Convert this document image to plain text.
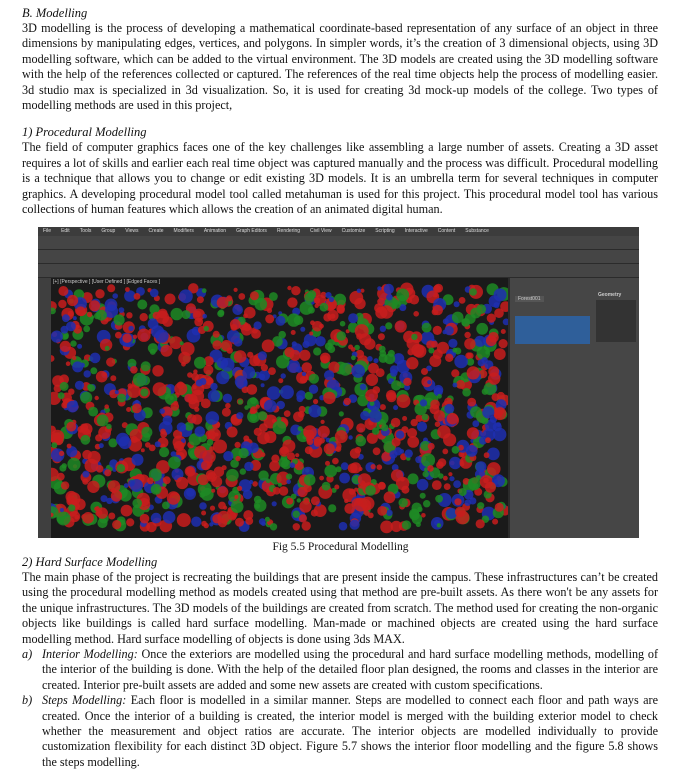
B. Modelling

3D modelling is the process of developing a mathematical coordinate-based representation of any surface of an object in three dimensions by manipulating edges, vertices, and polygons. In simpler words, it’s the creation of 3 dimensional objects, using 3D modelling software, which can be added to the virtual environment. The 3D models are created using the 3D modelling software with the help of the references collected or captured. The references of the real time objects help the process of modelling easier. 3d studio max is specialized in 3d visualization. So, it is used for creating 3d mock-up models of the college. Two types of modelling methods are used in this project,

1) Procedural Modelling

The field of computer graphics faces one of the key challenges like assembling a large number of assets. Creating a 3D asset requires a lot of skills and earlier each real time object was captured manually and the process was difficult. Procedural modelling is a technique that allows you to change or edit existing 3D models. It is an umbrella term for several techniques in computer graphics. A developing procedural model tool called metahuman is used for this project. This procedural model tool has various collections of human features which allows the creation of an animated digital human.

File Edit Tools Group Views Create Modifiers Animation Graph Editors Rendering Civil View Customize Scripting Interactive Content Substance
[+] [Perspective ] [User Defined ] [Edged Faces ]
Forest001
Geometry
Fig 5.5 Procedural Modelling

2) Hard Surface Modelling

The main phase of the project is recreating the buildings that are present inside the campus. These infrastructures can’t be created using the procedural modelling method as models created using that method are pre-built assets. As there won't be any assets for the unique infrastructures. The 3D models of the buildings are created from scratch. The method used for creating the non-organic objects like buildings is called hard surface modelling. Man-made or machined objects are created using the hard surface modelling method. Hard surface modelling of objects is done using 3ds MAX.

a) Interior Modelling: Once the exteriors are modelled using the procedural and hard surface modelling methods, modelling of the interior of the building is done. With the help of the detailed floor plan designed, the rooms and classes in the interior are created. Interior pre-built assets are added and some new assets are created with custom specifications.

b) Steps Modelling: Each floor is modelled in a similar manner. Steps are modelled to connect each floor and path ways are created. Once the interior of a building is created, the interior model is merged with the building exterior model to check whether the measurement and object ratios are accurate. The interior objects are modelled individually to provide customization flexibility for each distinct 3D object. Figure 5.7 shows the interior floor modelling and the figure 5.8 shows the steps modelling.
